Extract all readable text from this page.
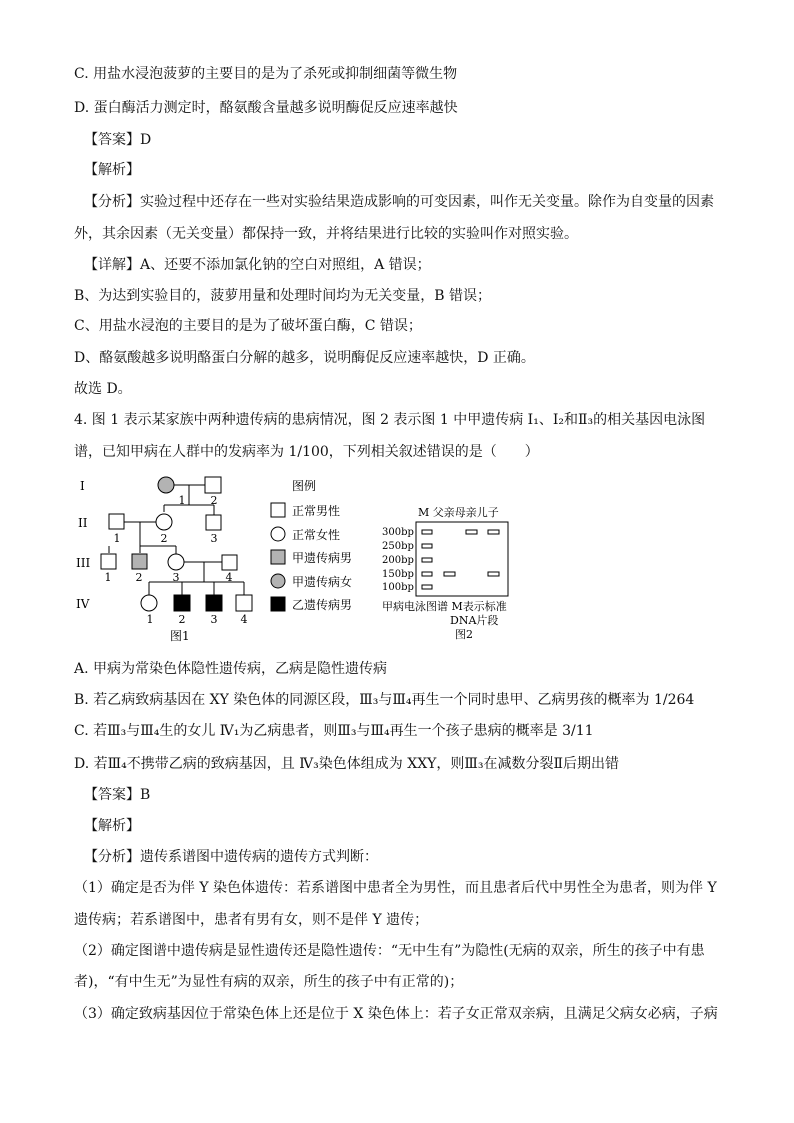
C. 用盐水浸泡菠萝的主要目的是为了杀死或抑制细菌等微生物
D. 蛋白酶活力测定时，酪氨酸含量越多说明酶促反应速率越快
【答案】D
【解析】
【分析】实验过程中还存在一些对实验结果造成影响的可变因素，叫作无关变量。除作为自变量的因素
外，其余因素（无关变量）都保持一致，并将结果进行比较的实验叫作对照实验。
【详解】A、还要不添加氯化钠的空白对照组，A 错误；
B、为达到实验目的，菠萝用量和处理时间均为无关变量，B 错误；
C、用盐水浸泡的主要目的是为了破坏蛋白酶，C 错误；
D、酪氨酸越多说明酪蛋白分解的越多，说明酶促反应速率越快，D 正确。
故选 D。
4. 图 1 表示某家族中两种遗传病的患病情况，图 2 表示图 1 中甲遗传病 I₁、I₂和Ⅱ₃的相关基因电泳图
谱，已知甲病在人群中的发病率为 1/100，下列相关叙述错误的是（　　）
I
II
III
IV
1 2
1	2	3
1 2	3	4
1 2 3 4
图1
图例
正常男性
正常女性
甲遗传病男
甲遗传病女
乙遗传病男
M 父亲母亲儿子
300bp
250bp
200bp
150bp
100bp
甲病电泳图谱 M表示标准
DNA片段
图2
A. 甲病为常染色体隐性遗传病，乙病是隐性遗传病
B. 若乙病致病基因在 XY 染色体的同源区段，Ⅲ₃与Ⅲ₄再生一个同时患甲、乙病男孩的概率为 1/264
C. 若Ⅲ₃与Ⅲ₄生的女儿 Ⅳ₁为乙病患者，则Ⅲ₃与Ⅲ₄再生一个孩子患病的概率是 3/11
D. 若Ⅲ₄不携带乙病的致病基因，且 Ⅳ₃染色体组成为 XXY，则Ⅲ₃在减数分裂Ⅱ后期出错
【答案】B
【解析】
【分析】遗传系谱图中遗传病的遗传方式判断：
（1）确定是否为伴 Y 染色体遗传：若系谱图中患者全为男性，而且患者后代中男性全为患者，则为伴 Y
遗传病；若系谱图中，患者有男有女，则不是伴 Y 遗传；
（2）确定图谱中遗传病是显性遗传还是隐性遗传：“无中生有”为隐性(无病的双亲，所生的孩子中有患
者)，“有中生无”为显性有病的双亲，所生的孩子中有正常的)；
（3）确定致病基因位于常染色体上还是位于 X 染色体上：若子女正常双亲病，且满足父病女必病，子病
